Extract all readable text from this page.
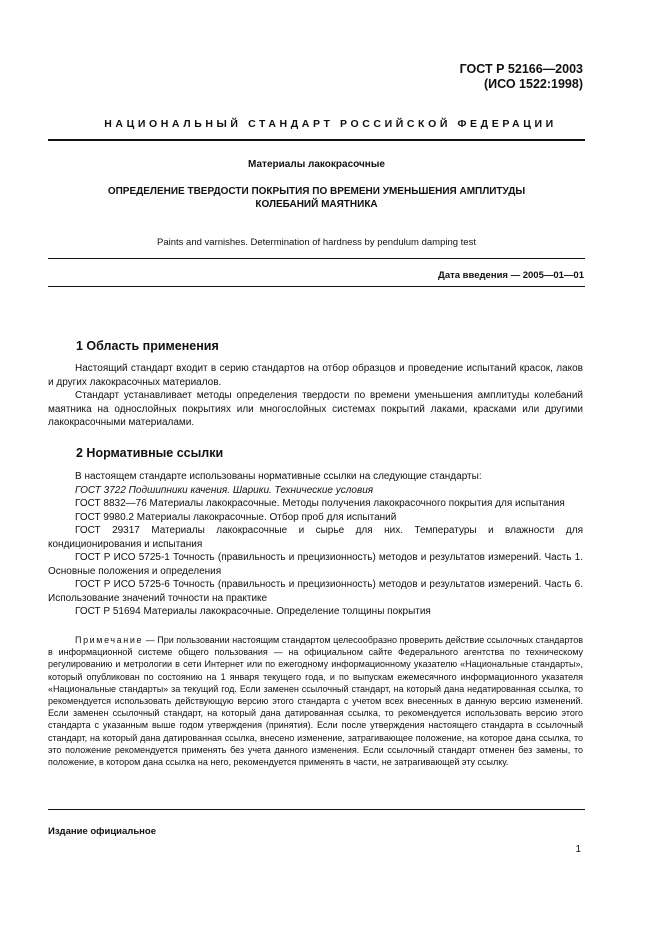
ГОСТ Р 52166—2003
(ИСО 1522:1998)
НАЦИОНАЛЬНЫЙ СТАНДАРТ РОССИЙСКОЙ ФЕДЕРАЦИИ
Материалы лакокрасочные
ОПРЕДЕЛЕНИЕ ТВЕРДОСТИ ПОКРЫТИЯ ПО ВРЕМЕНИ УМЕНЬШЕНИЯ АМПЛИТУДЫ
КОЛЕБАНИЙ МАЯТНИКА
Paints and varnishes. Determination of hardness by pendulum damping test
Дата введения — 2005—01—01
1 Область применения

Настоящий стандарт входит в серию стандартов на отбор образцов и проведение испытаний красок, лаков и других лакокрасочных материалов.

Стандарт устанавливает методы определения твердости по времени уменьшения амплитуды колебаний маятника на однослойных покрытиях или многослойных системах покрытий лаками, красками или другими лакокрасочными материалами.

2 Нормативные ссылки

В настоящем стандарте использованы нормативные ссылки на следующие стандарты:

ГОСТ 3722 Подшипники качения. Шарики. Технические условия

ГОСТ 8832—76 Материалы лакокрасочные. Методы получения лакокрасочного покрытия для испытания

ГОСТ 9980.2 Материалы лакокрасочные. Отбор проб для испытаний

ГОСТ 29317 Материалы лакокрасочные и сырье для них. Температуры и влажности для кондиционирования и испытания

ГОСТ Р ИСО 5725-1 Точность (правильность и прецизионность) методов и результатов измерений. Часть 1. Основные положения и определения

ГОСТ Р ИСО 5725-6 Точность (правильность и прецизионность) методов и результатов измерений. Часть 6. Использование значений точности на практике

ГОСТ Р 51694 Материалы лакокрасочные. Определение толщины покрытия

Примечание — При пользовании настоящим стандартом целесообразно проверить действие ссылочных стандартов в информационной системе общего пользования — на официальном сайте Федерального агентства по техническому регулированию и метрологии в сети Интернет или по ежегодному информационному указателю «Национальные стандарты», который опубликован по состоянию на 1 января текущего года, и по выпускам ежемесячного информационного указателя «Национальные стандарты» за текущий год. Если заменен ссылочный стандарт, на который дана недатированная ссылка, то рекомендуется использовать действующую версию этого стандарта с учетом всех внесенных в данную версию изменений. Если заменен ссылочный стандарт, на который дана датированная ссылка, то рекомендуется использовать версию этого стандарта с указанным выше годом утверждения (принятия). Если после утверждения настоящего стандарта в ссылочный стандарт, на который дана датированная ссылка, внесено изменение, затрагивающее положение, на которое дана ссылка, то это положение рекомендуется применять без учета данного изменения. Если ссылочный стандарт отменен без замены, то положение, в котором дана ссылка на него, рекомендуется применять в части, не затрагивающей эту ссылку.

Издание официальное
1
